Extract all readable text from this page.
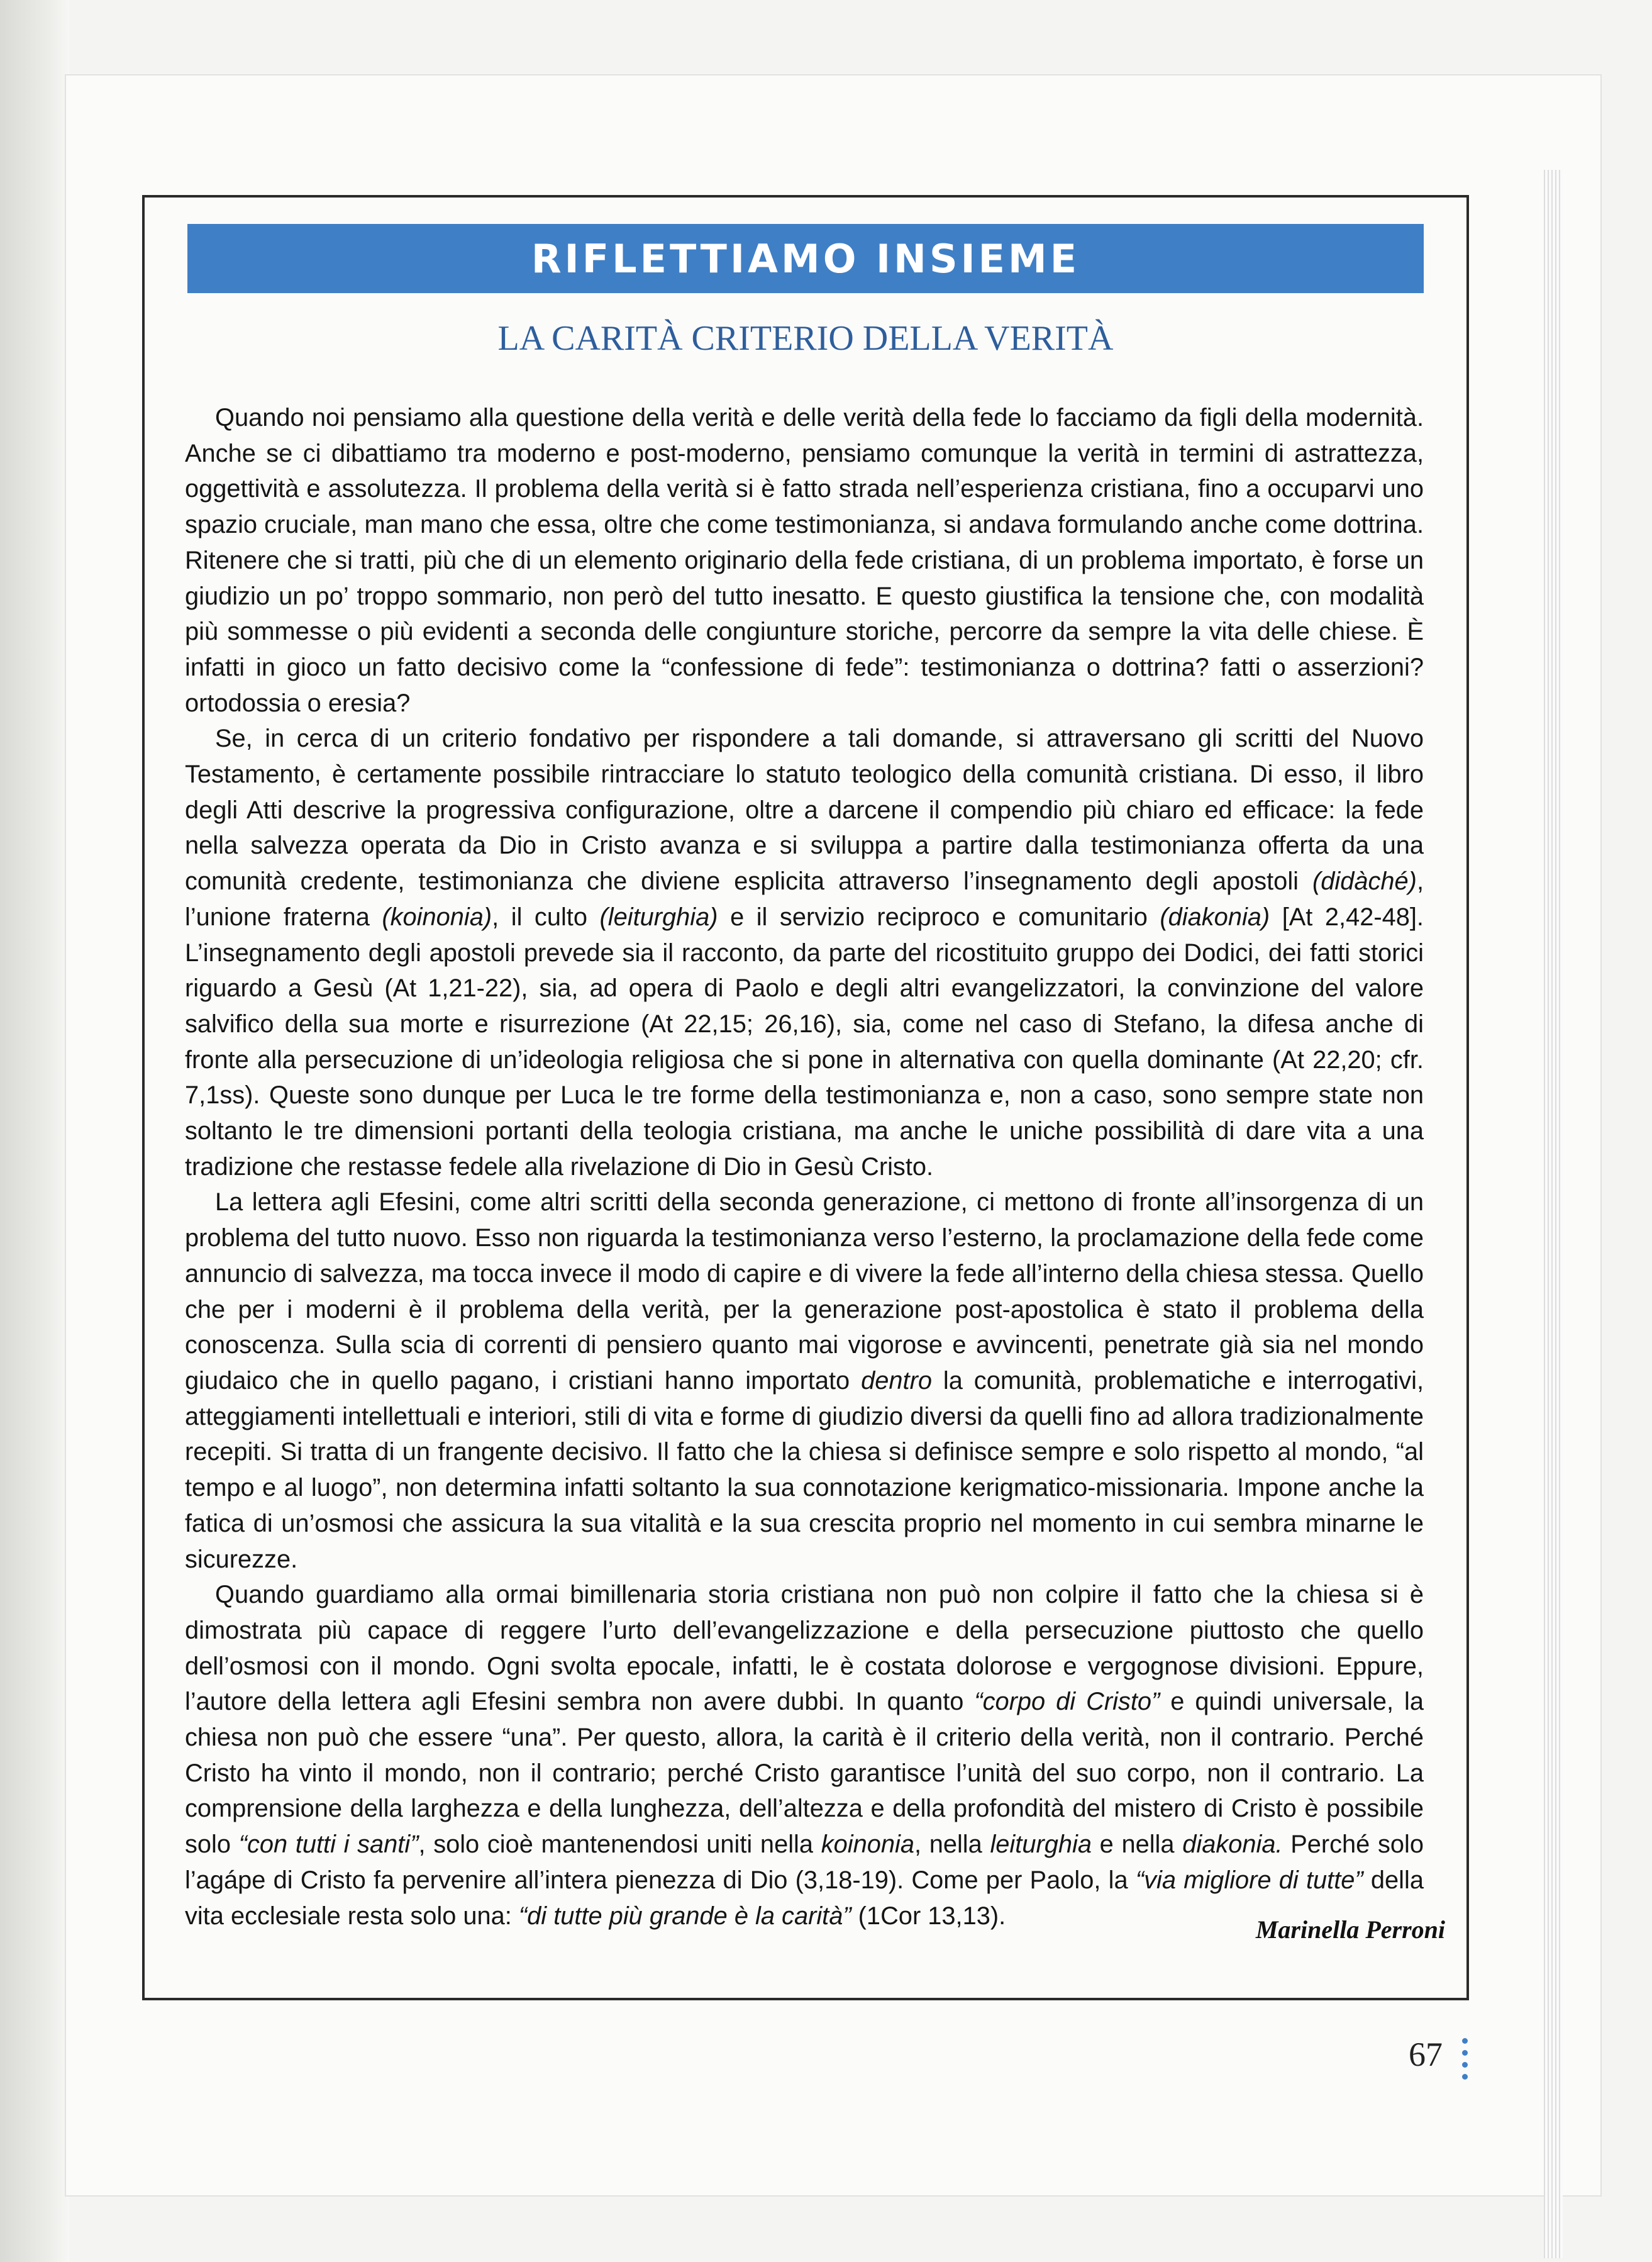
RIFLETTIAMO INSIEME
LA CARITÀ CRITERIO DELLA VERITÀ

Quando noi pensiamo alla questione della verità e delle verità della fede lo facciamo da figli della modernità. Anche se ci dibattiamo tra moderno e post-moderno, pensiamo comunque la verità in termini di astrattezza, oggettività e assolutezza. Il problema della verità si è fatto strada nell’esperienza cristiana, fino a occuparvi uno spazio cruciale, man mano che essa, oltre che come testimonianza, si andava formulando anche come dottrina. Ritenere che si tratti, più che di un elemento originario della fede cristiana, di un problema importato, è forse un giudizio un po’ troppo sommario, non però del tutto inesatto. E questo giustifica la tensione che, con modalità più sommesse o più evidenti a seconda delle congiunture storiche, percorre da sempre la vita delle chiese. È infatti in gioco un fatto decisivo come la “confessione di fede”: testimonianza o dottrina? fatti o asserzioni? ortodossia o eresia?

Se, in cerca di un criterio fondativo per rispondere a tali domande, si attraversano gli scritti del Nuovo Testamento, è certamente possibile rintracciare lo statuto teologico della comunità cristiana. Di esso, il libro degli Atti descrive la progressiva configurazione, oltre a darcene il compendio più chiaro ed efficace: la fede nella salvezza operata da Dio in Cristo avanza e si sviluppa a partire dalla testimonianza offerta da una comunità credente, testimonianza che diviene esplicita attraverso l’insegnamento degli apostoli (didàché), l’unione fraterna (koinonia), il culto (leiturghia) e il servizio reciproco e comunitario (diakonia) [At 2,42-48]. L’insegnamento degli apostoli prevede sia il racconto, da parte del ricostituito gruppo dei Dodici, dei fatti storici riguardo a Gesù (At 1,21-22), sia, ad opera di Paolo e degli altri evangelizzatori, la convinzione del valore salvifico della sua morte e risurrezione (At 22,15; 26,16), sia, come nel caso di Stefano, la difesa anche di fronte alla persecuzione di un’ideologia religiosa che si pone in alternativa con quella dominante (At 22,20; cfr. 7,1ss). Queste sono dunque per Luca le tre forme della testimonianza e, non a caso, sono sempre state non soltanto le tre dimensioni portanti della teologia cristiana, ma anche le uniche possibilità di dare vita a una tradizione che restasse fedele alla rivelazione di Dio in Gesù Cristo.

La lettera agli Efesini, come altri scritti della seconda generazione, ci mettono di fronte all’insorgenza di un problema del tutto nuovo. Esso non riguarda la testimonianza verso l’esterno, la proclamazione della fede come annuncio di salvezza, ma tocca invece il modo di capire e di vivere la fede all’interno della chiesa stessa. Quello che per i moderni è il problema della verità, per la generazione post-apostolica è stato il problema della conoscenza. Sulla scia di correnti di pensiero quanto mai vigorose e avvincenti, penetrate già sia nel mondo giudaico che in quello pagano, i cristiani hanno importato dentro la comunità, problematiche e interrogativi, atteggiamenti intellettuali e interiori, stili di vita e forme di giudizio diversi da quelli fino ad allora tradizionalmente recepiti. Si tratta di un frangente decisivo. Il fatto che la chiesa si definisce sempre e solo rispetto al mondo, “al tempo e al luogo”, non determina infatti soltanto la sua connotazione kerigmatico-missionaria. Impone anche la fatica di un’osmosi che assicura la sua vitalità e la sua crescita proprio nel momento in cui sembra minarne le sicurezze.

Quando guardiamo alla ormai bimillenaria storia cristiana non può non colpire il fatto che la chiesa si è dimostrata più capace di reggere l’urto dell’evangelizzazione e della persecuzione piuttosto che quello dell’osmosi con il mondo. Ogni svolta epocale, infatti, le è costata dolorose e vergognose divisioni. Eppure, l’autore della lettera agli Efesini sembra non avere dubbi. In quanto “corpo di Cristo” e quindi universale, la chiesa non può che essere “una”. Per questo, allora, la carità è il criterio della verità, non il contrario. Perché Cristo ha vinto il mondo, non il contrario; perché Cristo garantisce l’unità del suo corpo, non il contrario. La comprensione della larghezza e della lunghezza, dell’altezza e della profondità del mistero di Cristo è possibile solo “con tutti i santi”, solo cioè mantenendosi uniti nella koinonia, nella leiturghia e nella diakonia. Perché solo l’agápe di Cristo fa pervenire all’intera pienezza di Dio (3,18-19). Come per Paolo, la “via migliore di tutte” della vita ecclesiale resta solo una: “di tutte più grande è la carità” (1Cor 13,13).	Marinella Perroni
67
